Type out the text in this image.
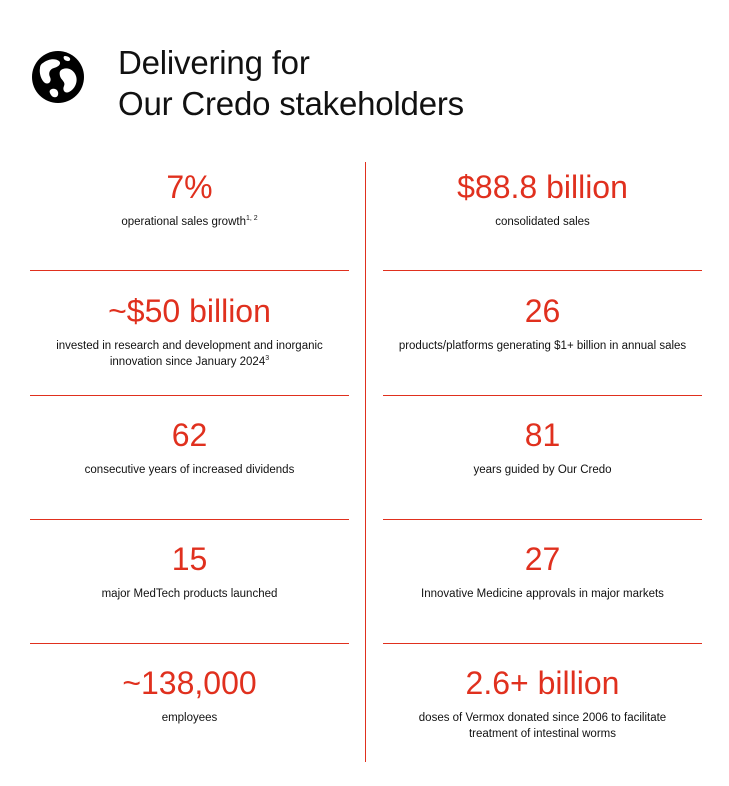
Delivering for
Our Credo stakeholders
7%
operational sales growth$^{1, 2}$
$88.8 billion
consolidated sales
~$50 billion
invested in research and development and inorganic
innovation since January 2024$^3$
26
products/platforms generating $1+ billion in annual sales
62
consecutive years of increased dividends
81
years guided by Our Credo
15
major MedTech products launched
27
Innovative Medicine approvals in major markets
~138,000
employees
2.6+ billion
doses of Vermox donated since 2006 to facilitate
treatment of intestinal worms
